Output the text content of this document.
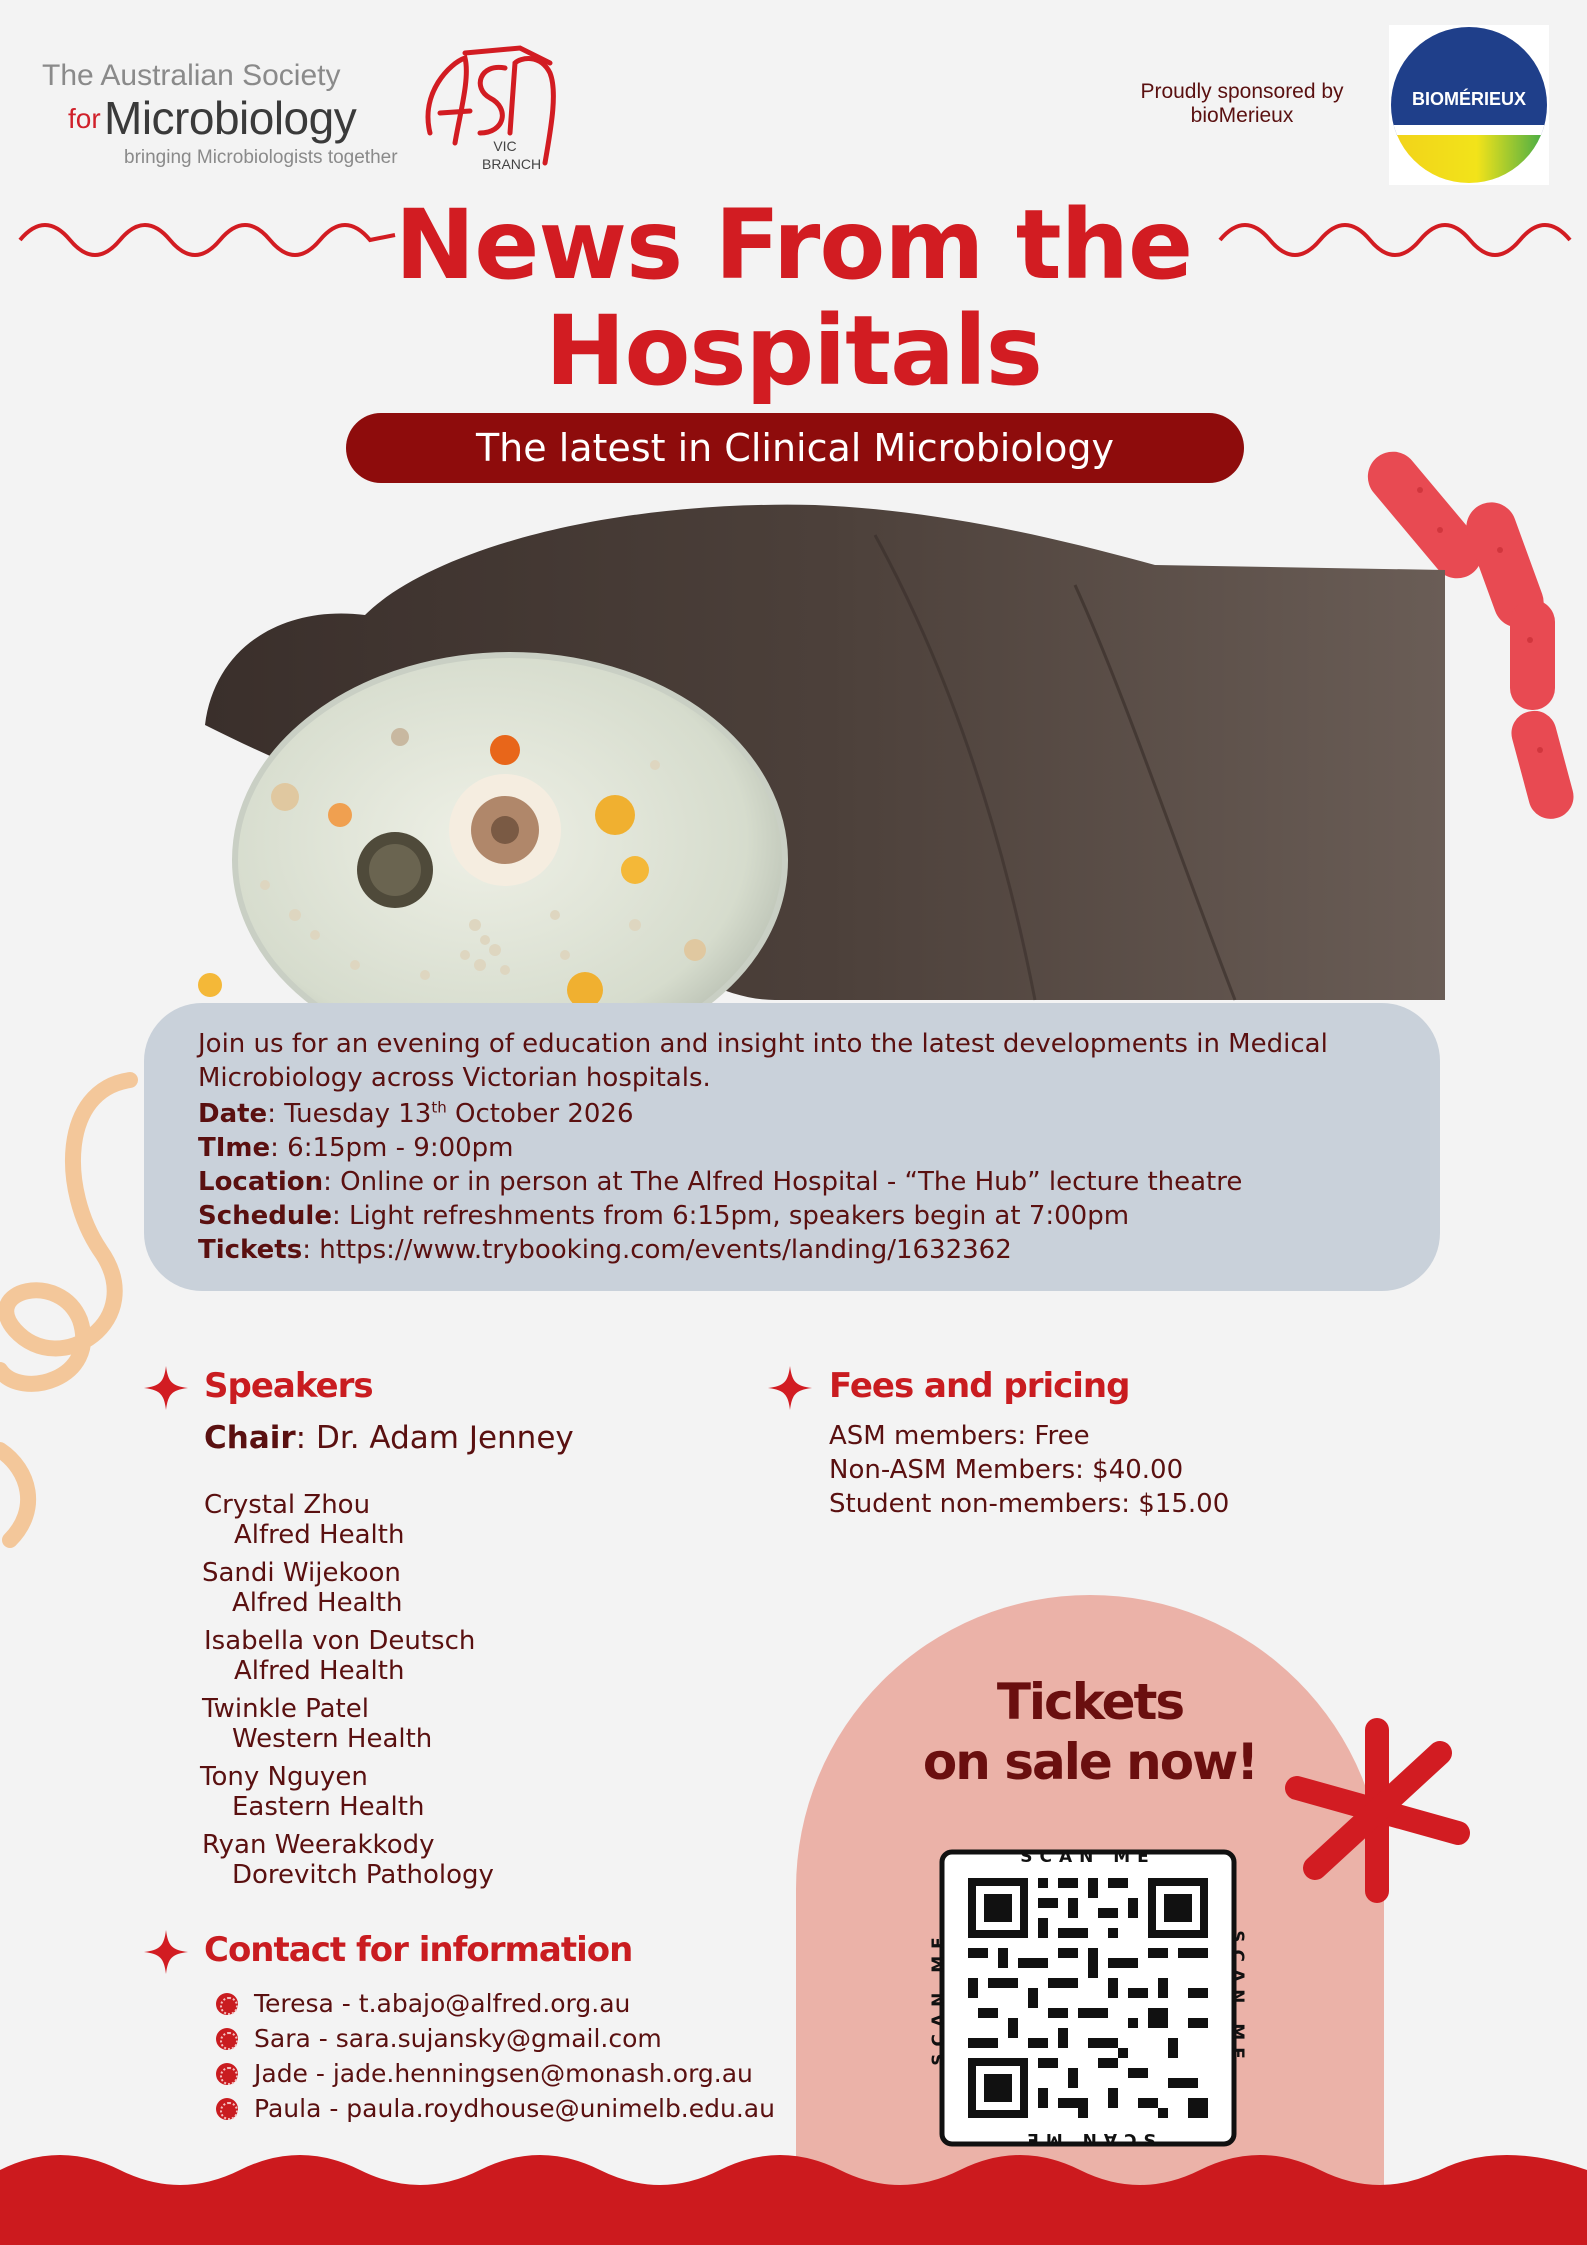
The Australian Society
for Microbiology
bringing Microbiologists together
VIC
BRANCH
Proudly sponsored by bioMerieux
BIOMÉRIEUX
News From the
Hospitals
The latest in Clinical Microbiology

Join us for an evening of education and insight into the latest developments in Medical Microbiology across Victorian hospitals.

Date: Tuesday 13th October 2026

TIme: 6:15pm - 9:00pm

Location: Online or in person at The Alfred Hospital - “The Hub” lecture theatre

Schedule: Light refreshments from 6:15pm, speakers begin at 7:00pm

Tickets: https://www.trybooking.com/events/landing/1632362

Speakers
Chair: Dr. Adam Jenney
Crystal Zhou
Alfred Health
Sandi Wijekoon
Alfred Health
Isabella von Deutsch
Alfred Health
Twinkle Patel
Western Health
Tony Nguyen
Eastern Health
Ryan Weerakkody
Dorevitch Pathology
Fees and pricing
ASM members: Free
Non-ASM Members: $40.00
Student non-members: $15.00
Contact for information
Teresa - t.abajo@alfred.org.au
Sara - sara.sujansky@gmail.com
Jade - jade.henningsen@monash.org.au
Paula - paula.roydhouse@unimelb.edu.au
Tickets
on sale now!
SCAN ME
SCAN ME
SCAN ME
SCAN ME
